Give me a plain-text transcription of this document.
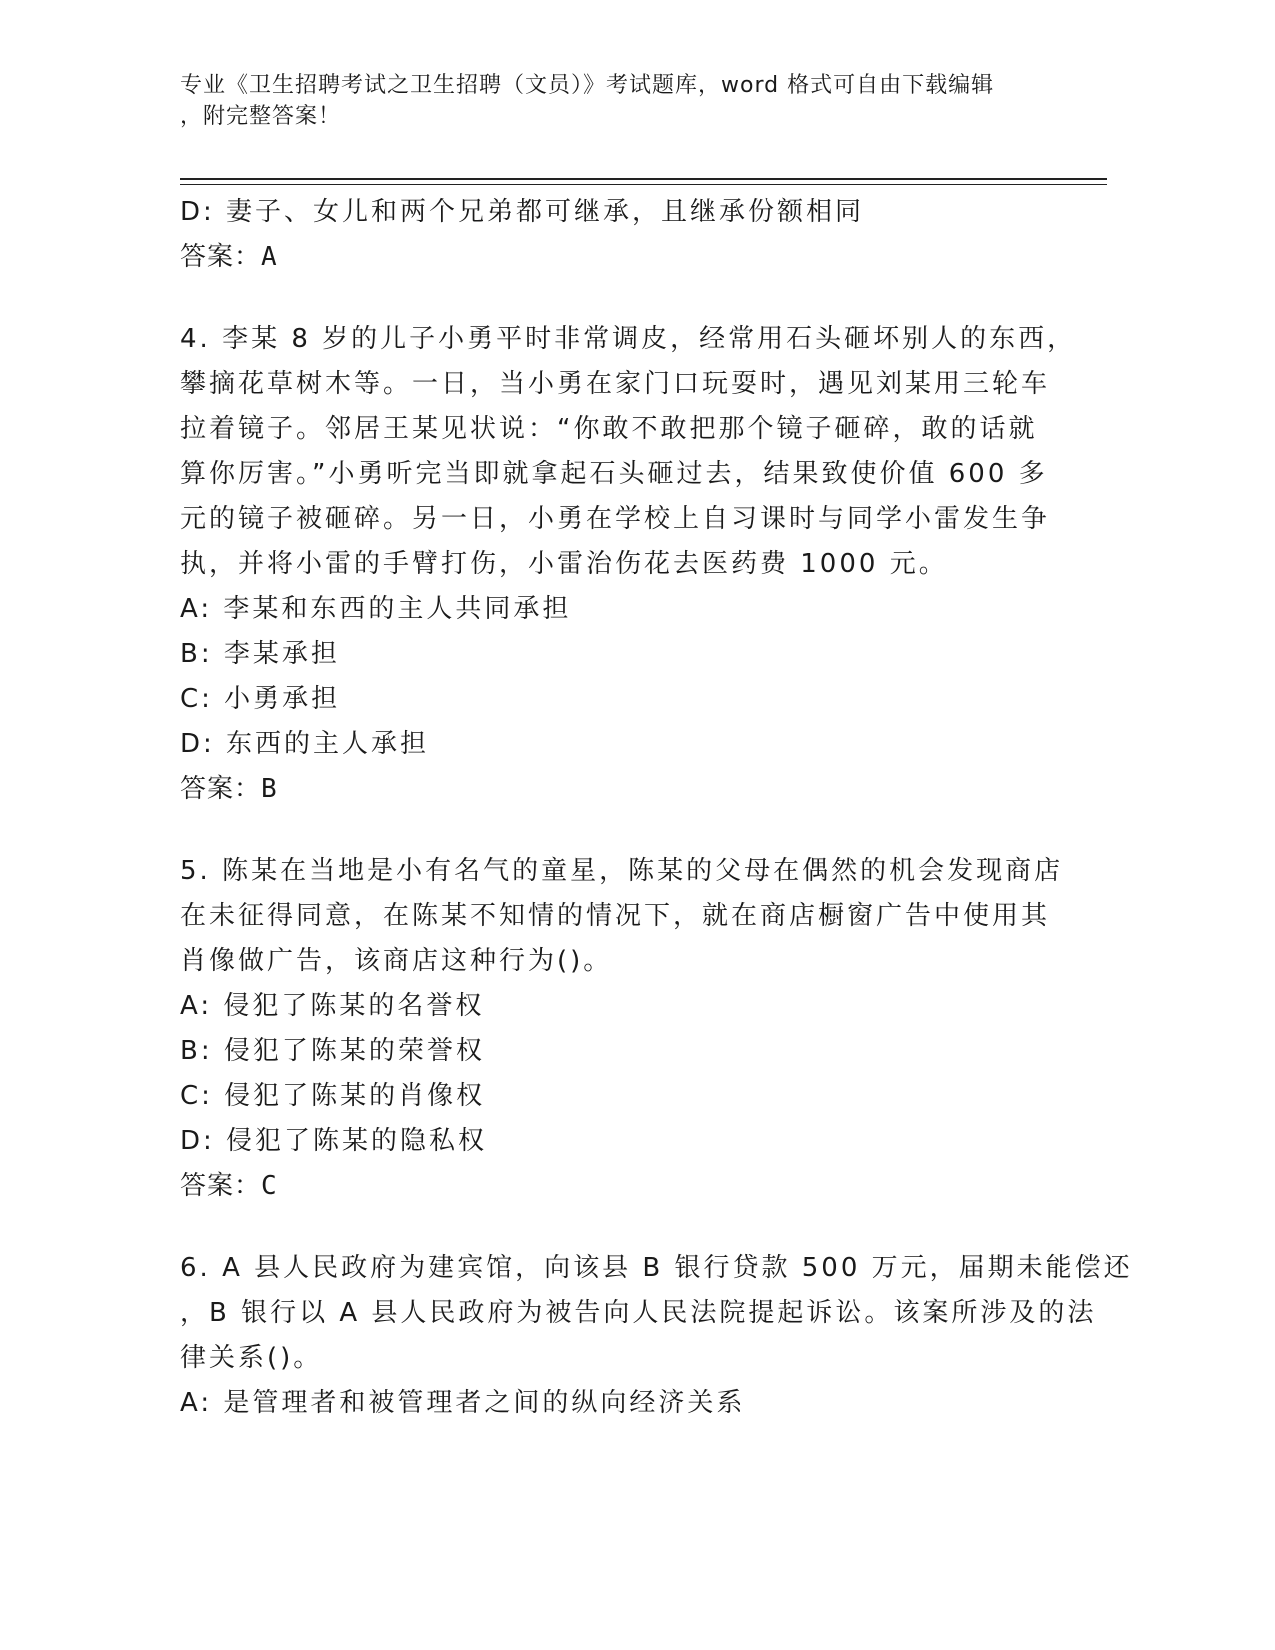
专业《卫生招聘考试之卫生招聘（文员）》考试题库，word 格式可自由下载编辑
，附完整答案！
D: 妻子、女儿和两个兄弟都可继承，且继承份额相同
答案：A
4. 李某 8 岁的儿子小勇平时非常调皮，经常用石头砸坏别人的东西，
攀摘花草树木等。一日，当小勇在家门口玩耍时，遇见刘某用三轮车
拉着镜子。邻居王某见状说：“你敢不敢把那个镜子砸碎，敢的话就
算你厉害。”小勇听完当即就拿起石头砸过去，结果致使价值 600 多
元的镜子被砸碎。另一日，小勇在学校上自习课时与同学小雷发生争
执，并将小雷的手臂打伤，小雷治伤花去医药费 1000 元。
A: 李某和东西的主人共同承担
B: 李某承担
C: 小勇承担
D: 东西的主人承担
答案：B
5. 陈某在当地是小有名气的童星，陈某的父母在偶然的机会发现商店
在未征得同意，在陈某不知情的情况下，就在商店橱窗广告中使用其
肖像做广告，该商店这种行为()。
A: 侵犯了陈某的名誉权
B: 侵犯了陈某的荣誉权
C: 侵犯了陈某的肖像权
D: 侵犯了陈某的隐私权
答案：C
6. A 县人民政府为建宾馆，向该县 B 银行贷款 500 万元，届期未能偿还
，B 银行以 A 县人民政府为被告向人民法院提起诉讼。该案所涉及的法
律关系()。
A: 是管理者和被管理者之间的纵向经济关系
